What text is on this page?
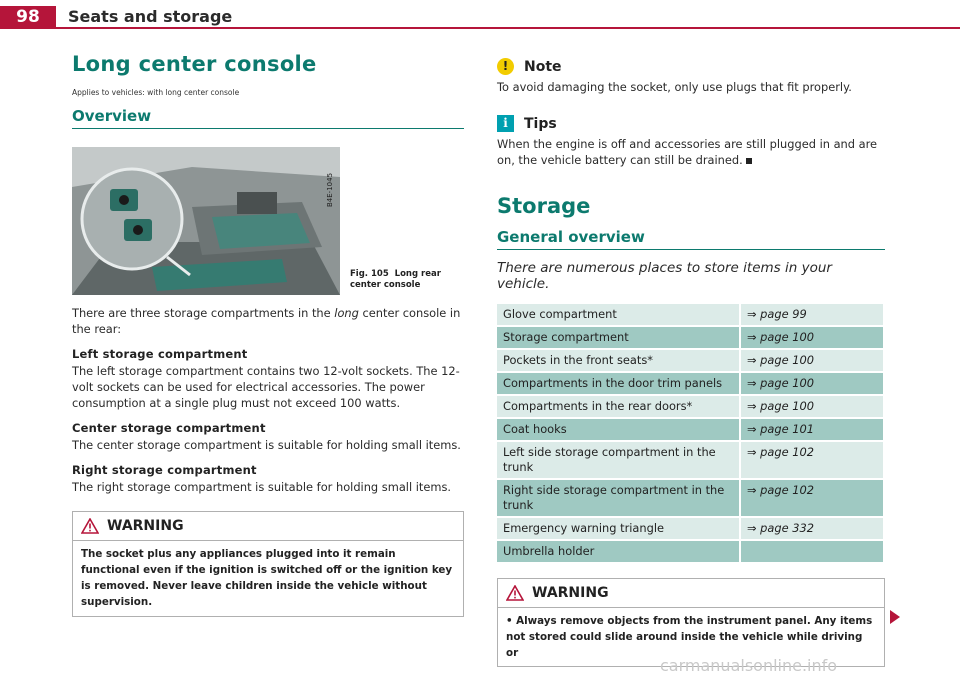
98	Seats and storage
Long center console
Applies to vehicles: with long center console
Overview
B4E-1045
Fig. 105 Long rear
center console

There are three storage compartments in the long center console in the rear:

Left storage compartment

The left storage compartment contains two 12-volt sockets. The 12-volt sockets can be used for electrical accessories. The power consumption at a single plug must not exceed 100 watts.

Center storage compartment

The center storage compartment is suitable for holding small items.

Right storage compartment

The right storage compartment is suitable for holding small items.

WARNING
The socket plus any appliances plugged into it remain functional even if the ignition is switched off or the ignition key is removed. Never leave children inside the vehicle without supervision.
!	Note

To avoid damaging the socket, only use plugs that fit properly.

i	Tips

When the engine is off and accessories are still plugged in and are on, the vehicle battery can still be drained.

Storage
General overview
There are numerous places to store items in your vehicle.
Glove compartment	⇒ page 99
Storage compartment	⇒ page 100
Pockets in the front seats*	⇒ page 100
Compartments in the door trim panels	⇒ page 100
Compartments in the rear doors*	⇒ page 100
Coat hooks	⇒ page 101
Left side storage compartment in the trunk	⇒ page 102
Right side storage compartment in the trunk	⇒ page 102
Emergency warning triangle	⇒ page 332
Umbrella holder	
WARNING
• Always remove objects from the instrument panel. Any items not stored could slide around inside the vehicle while driving or
carmanualsonline.info
